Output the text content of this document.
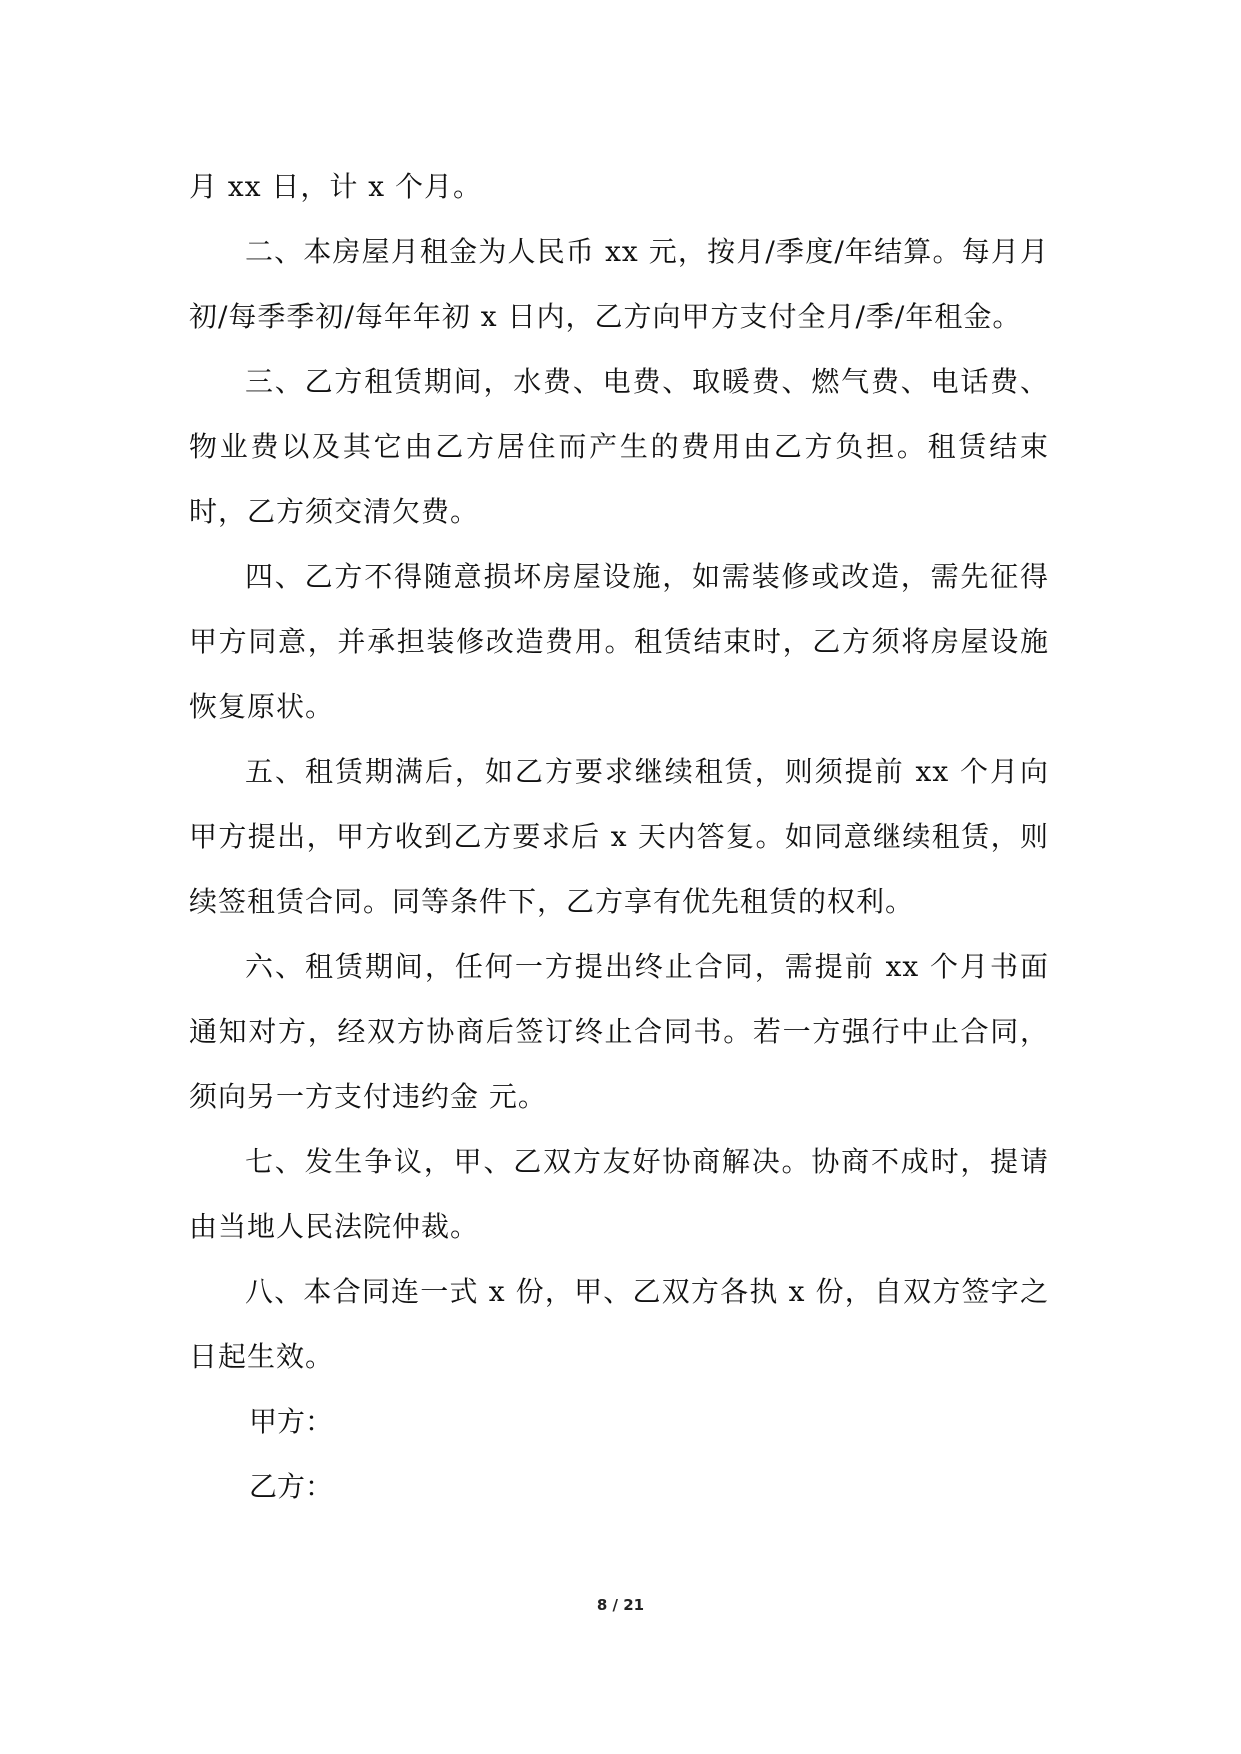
月 xx 日，计 x 个月。

二、本房屋月租金为人民币 xx 元，按月/季度/年结算。每月月初/每季季初/每年年初 x 日内，乙方向甲方支付全月/季/年租金。

三、乙方租赁期间，水费、电费、取暖费、燃气费、电话费、物业费以及其它由乙方居住而产生的费用由乙方负担。租赁结束时，乙方须交清欠费。

四、乙方不得随意损坏房屋设施，如需装修或改造，需先征得甲方同意，并承担装修改造费用。租赁结束时，乙方须将房屋设施恢复原状。

五、租赁期满后，如乙方要求继续租赁，则须提前 xx 个月向甲方提出，甲方收到乙方要求后 x 天内答复。如同意继续租赁，则续签租赁合同。同等条件下，乙方享有优先租赁的权利。

六、租赁期间，任何一方提出终止合同，需提前 xx 个月书面通知对方，经双方协商后签订终止合同书。若一方强行中止合同，须向另一方支付违约金 元。

七、发生争议，甲、乙双方友好协商解决。协商不成时，提请由当地人民法院仲裁。

八、本合同连一式 x 份，甲、乙双方各执 x 份，自双方签字之日起生效。

甲方：

乙方：

8 / 21
